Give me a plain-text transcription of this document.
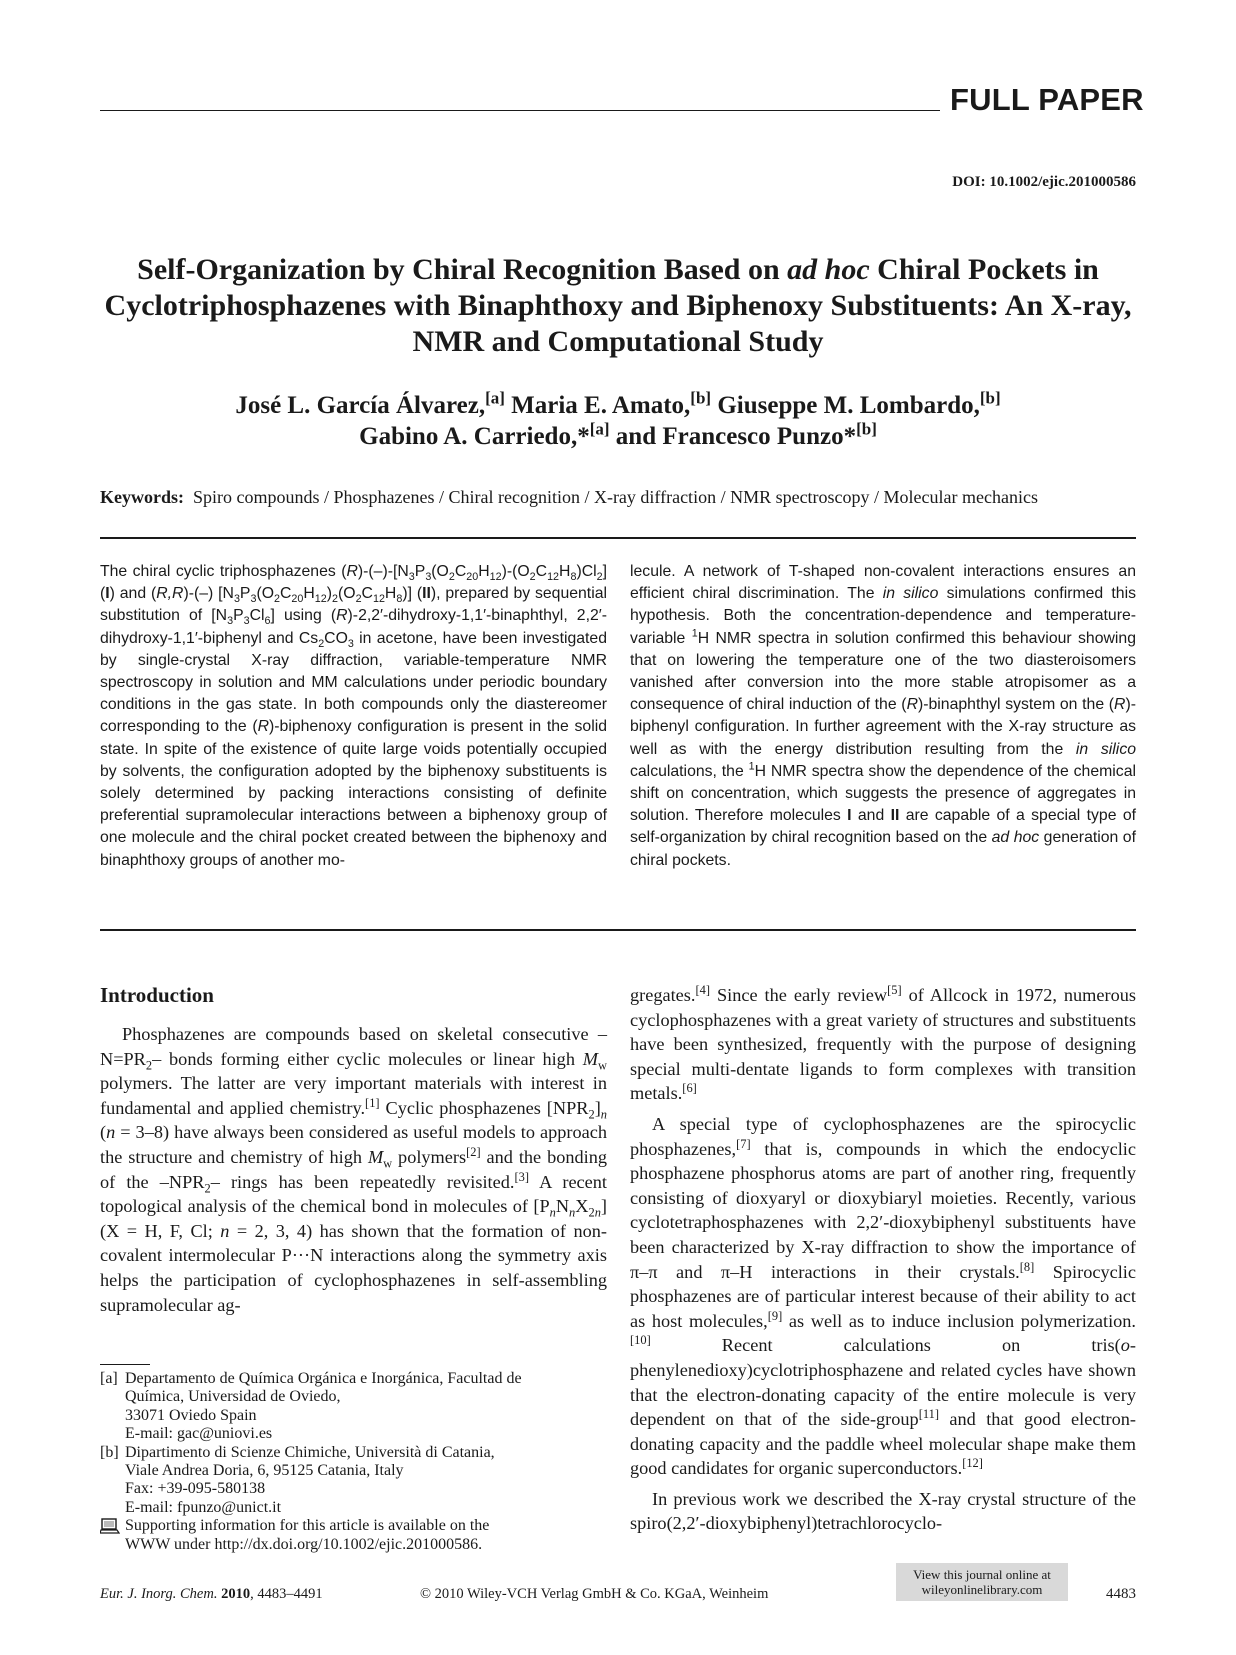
FULL PAPER
DOI: 10.1002/ejic.201000586
Self-Organization by Chiral Recognition Based on ad hoc Chiral Pockets in
Cyclotriphosphazenes with Binaphthoxy and Biphenoxy Substituents: An X-ray,
NMR and Computational Study
José L. García Álvarez,[a] Maria E. Amato,[b] Giuseppe M. Lombardo,[b]
Gabino A. Carriedo,*[a] and Francesco Punzo*[b]
Keywords: Spiro compounds / Phosphazenes / Chiral recognition / X-ray diffraction / NMR spectroscopy / Molecular mechanics

The chiral cyclic triphosphazenes $(R)-(-)-[N_3P_3(O_2C_{20}H_{12})-(O_2C_{12}H_8)Cl_2]$ (I) and (R,R)-(–) $[N_3P_3(O_2C_{20}H_{12})_2(O_2C_{12}H_8)]$ (II), prepared by sequential substitution of $[N_3P_3Cl_6]$ using (R)-2,2′-dihydroxy-1,1′-binaphthyl, 2,2′-dihydroxy-1,1′-biphenyl and $Cs_2CO_3$ in acetone, have been investigated by single-crystal X-ray diffraction, variable-temperature NMR spectroscopy in solution and MM calculations under periodic boundary conditions in the gas state. In both compounds only the diastereomer corresponding to the (R)-biphenoxy configuration is present in the solid state. In spite of the existence of quite large voids potentially occupied by solvents, the configuration adopted by the biphenoxy substituents is solely determined by packing interactions consisting of definite preferential supramolecular interactions between a biphenoxy group of one molecule and the chiral pocket created between the biphenoxy and binaphthoxy groups of another mo-

lecule. A network of T-shaped non-covalent interactions ensures an efficient chiral discrimination. The in silico simulations confirmed this hypothesis. Both the concentration-dependence and temperature-variable $^1$H NMR spectra in solution confirmed this behaviour showing that on lowering the temperature one of the two diasteroisomers vanished after conversion into the more stable atropisomer as a consequence of chiral induction of the (R)-binaphthyl system on the (R)-biphenyl configuration. In further agreement with the X-ray structure as well as with the energy distribution resulting from the in silico calculations, the $^1$H NMR spectra show the dependence of the chemical shift on concentration, which suggests the presence of aggregates in solution. Therefore molecules I and II are capable of a special type of self-organization by chiral recognition based on the ad hoc generation of chiral pockets.

Introduction

Phosphazenes are compounds based on skeletal consecutive $-N=PR_2-$ bonds forming either cyclic molecules or linear high $M_w$ polymers. The latter are very important materials with interest in fundamental and applied chemistry.[1] Cyclic phosphazenes $[NPR_2]_n$ (n = 3–8) have always been considered as useful models to approach the structure and chemistry of high $M_w$ polymers[2] and the bonding of the $-NPR_2-$ rings has been repeatedly revisited.[3] A recent topological analysis of the chemical bond in molecules of $[P_nN_nX_{2n}] (X = H$, F, Cl; n = 2, 3, 4) has shown that the formation of non-covalent intermolecular P···N interactions along the symmetry axis helps the participation of cyclophosphazenes in self-assembling supramolecular ag-

[a] Departamento de Química Orgánica e Inorgánica, Facultad de
Química, Universidad de Oviedo,
33071 Oviedo Spain
E-mail: gac@uniovi.es
[b] Dipartimento di Scienze Chimiche, Università di Catania,
Viale Andrea Doria, 6, 95125 Catania, Italy
Fax: +39-095-580138
E-mail: fpunzo@unict.it
Supporting information for this article is available on the
WWW under http://dx.doi.org/10.1002/ejic.201000586.

gregates.[4] Since the early review[5] of Allcock in 1972, numerous cyclophosphazenes with a great variety of structures and substituents have been synthesized, frequently with the purpose of designing special multi-dentate ligands to form complexes with transition metals.[6]

A special type of cyclophosphazenes are the spirocyclic phosphazenes,[7] that is, compounds in which the endocyclic phosphazene phosphorus atoms are part of another ring, frequently consisting of dioxyaryl or dioxybiaryl moieties. Recently, various cyclotetraphosphazenes with 2,2′-dioxybiphenyl substituents have been characterized by X-ray diffraction to show the importance of π–π and π–H interactions in their crystals.[8] Spirocyclic phosphazenes are of particular interest because of their ability to act as host molecules,[9] as well as to induce inclusion polymerization.[10] Recent calculations on tris(o-phenylenedioxy)cyclotriphosphazene and related cycles have shown that the electron-donating capacity of the entire molecule is very dependent on that of the side-group[11] and that good electron-donating capacity and the paddle wheel molecular shape make them good candidates for organic superconductors.[12]

In previous work we described the X-ray crystal structure of the spiro(2,2′-dioxybiphenyl)tetrachlorocyclo-

Eur. J. Inorg. Chem. 2010, 4483–4491	© 2010 Wiley-VCH Verlag GmbH & Co. KGaA, Weinheim
View this journal online at
wileyonlinelibrary.com	4483
